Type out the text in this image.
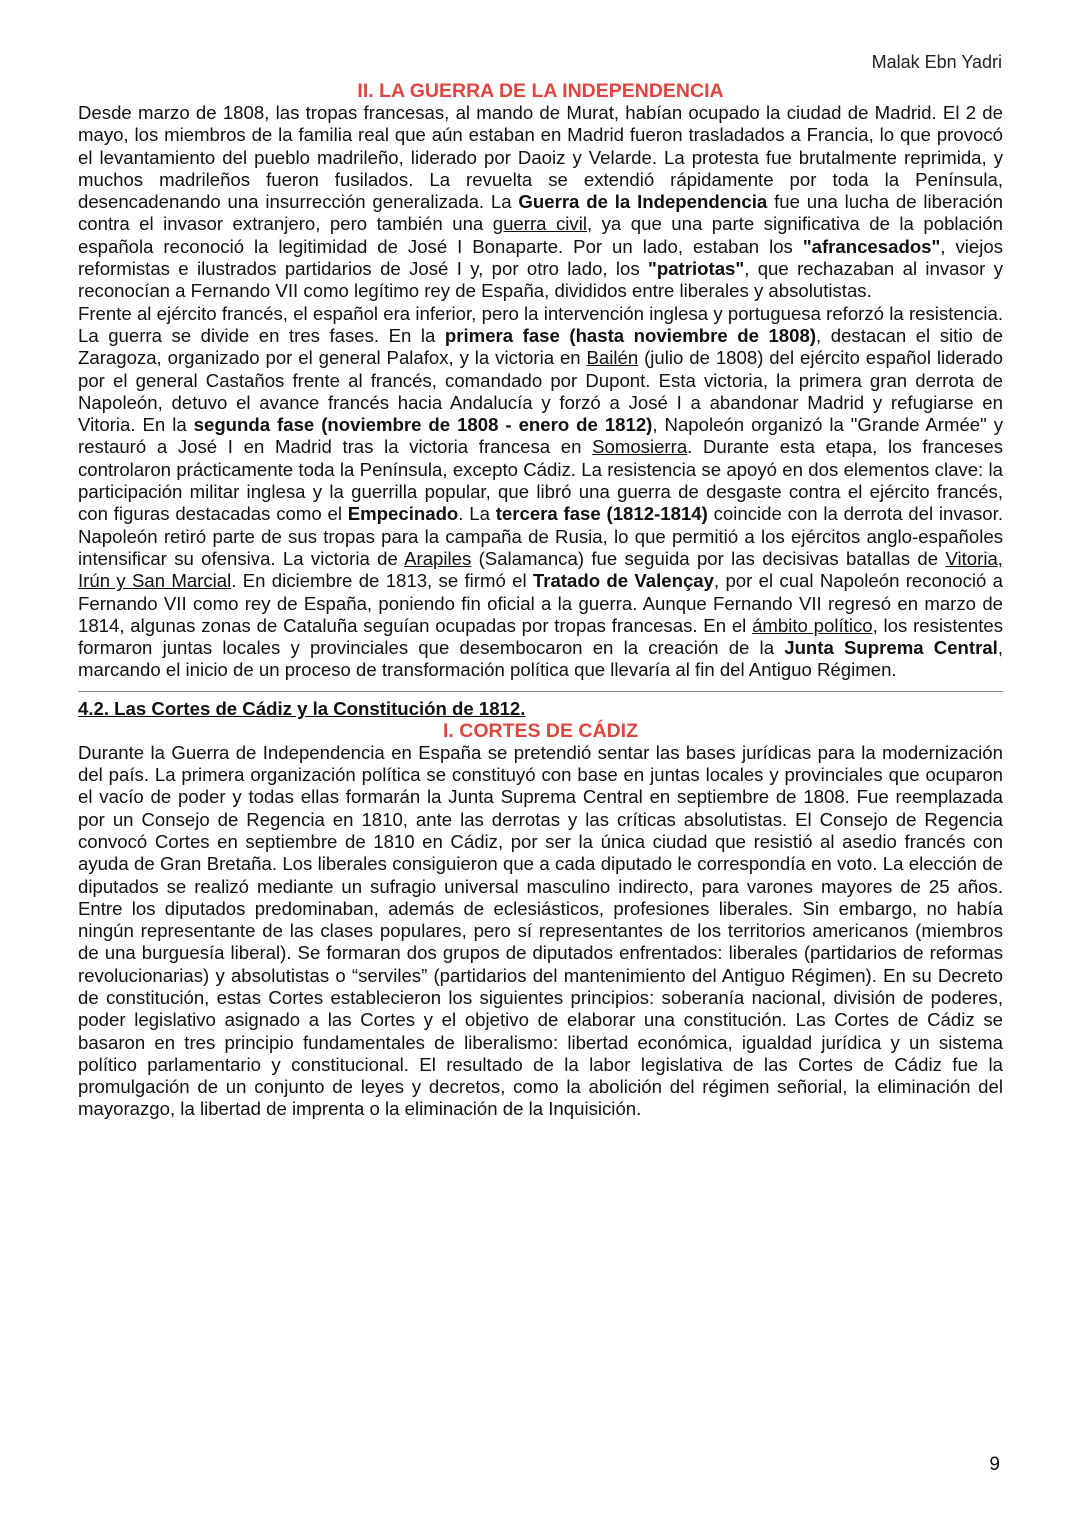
Malak Ebn Yadri
II. LA GUERRA DE LA INDEPENDENCIA

Desde marzo de 1808, las tropas francesas, al mando de Murat, habían ocupado la ciudad de Madrid. El 2 de mayo, los miembros de la familia real que aún estaban en Madrid fueron trasladados a Francia, lo que provocó el levantamiento del pueblo madrileño, liderado por Daoiz y Velarde. La protesta fue brutalmente reprimida, y muchos madrileños fueron fusilados. La revuelta se extendió rápidamente por toda la Península, desencadenando una insurrección generalizada. La Guerra de la Independencia fue una lucha de liberación contra el invasor extranjero, pero también una guerra civil, ya que una parte significativa de la población española reconoció la legitimidad de José I Bonaparte. Por un lado, estaban los "afrancesados", viejos reformistas e ilustrados partidarios de José I y, por otro lado, los "patriotas", que rechazaban al invasor y reconocían a Fernando VII como legítimo rey de España, divididos entre liberales y absolutistas.

Frente al ejército francés, el español era inferior, pero la intervención inglesa y portuguesa reforzó la resistencia. La guerra se divide en tres fases. En la primera fase (hasta noviembre de 1808), destacan el sitio de Zaragoza, organizado por el general Palafox, y la victoria en Bailén (julio de 1808) del ejército español liderado por el general Castaños frente al francés, comandado por Dupont. Esta victoria, la primera gran derrota de Napoleón, detuvo el avance francés hacia Andalucía y forzó a José I a abandonar Madrid y refugiarse en Vitoria. En la segunda fase (noviembre de 1808 - enero de 1812), Napoleón organizó la "Grande Armée" y restauró a José I en Madrid tras la victoria francesa en Somosierra. Durante esta etapa, los franceses controlaron prácticamente toda la Península, excepto Cádiz. La resistencia se apoyó en dos elementos clave: la participación militar inglesa y la guerrilla popular, que libró una guerra de desgaste contra el ejército francés, con figuras destacadas como el Empecinado. La tercera fase (1812-1814) coincide con la derrota del invasor. Napoleón retiró parte de sus tropas para la campaña de Rusia, lo que permitió a los ejércitos anglo-españoles intensificar su ofensiva. La victoria de Arapiles (Salamanca) fue seguida por las decisivas batallas de Vitoria, Irún y San Marcial. En diciembre de 1813, se firmó el Tratado de Valençay, por el cual Napoleón reconoció a Fernando VII como rey de España, poniendo fin oficial a la guerra. Aunque Fernando VII regresó en marzo de 1814, algunas zonas de Cataluña seguían ocupadas por tropas francesas. En el ámbito político, los resistentes formaron juntas locales y provinciales que desembocaron en la creación de la Junta Suprema Central, marcando el inicio de un proceso de transformación política que llevaría al fin del Antiguo Régimen.

4.2. Las Cortes de Cádiz y la Constitución de 1812.
I. CORTES DE CÁDIZ

Durante la Guerra de Independencia en España se pretendió sentar las bases jurídicas para la modernización del país. La primera organización política se constituyó con base en juntas locales y provinciales que ocuparon el vacío de poder y todas ellas formarán la Junta Suprema Central en septiembre de 1808. Fue reemplazada por un Consejo de Regencia en 1810, ante las derrotas y las críticas absolutistas. El Consejo de Regencia convocó Cortes en septiembre de 1810 en Cádiz, por ser la única ciudad que resistió al asedio francés con ayuda de Gran Bretaña. Los liberales consiguieron que a cada diputado le correspondía en voto. La elección de diputados se realizó mediante un sufragio universal masculino indirecto, para varones mayores de 25 años. Entre los diputados predominaban, además de eclesiásticos, profesiones liberales. Sin embargo, no había ningún representante de las clases populares, pero sí representantes de los territorios americanos (miembros de una burguesía liberal). Se formaran dos grupos de diputados enfrentados: liberales (partidarios de reformas revolucionarias) y absolutistas o “serviles” (partidarios del mantenimiento del Antiguo Régimen). En su Decreto de constitución, estas Cortes establecieron los siguientes principios: soberanía nacional, división de poderes, poder legislativo asignado a las Cortes y el objetivo de elaborar una constitución. Las Cortes de Cádiz se basaron en tres principio fundamentales de liberalismo: libertad económica, igualdad jurídica y un sistema político parlamentario y constitucional. El resultado de la labor legislativa de las Cortes de Cádiz fue la promulgación de un conjunto de leyes y decretos, como la abolición del régimen señorial, la eliminación del mayorazgo, la libertad de imprenta o la eliminación de la Inquisición.

9
